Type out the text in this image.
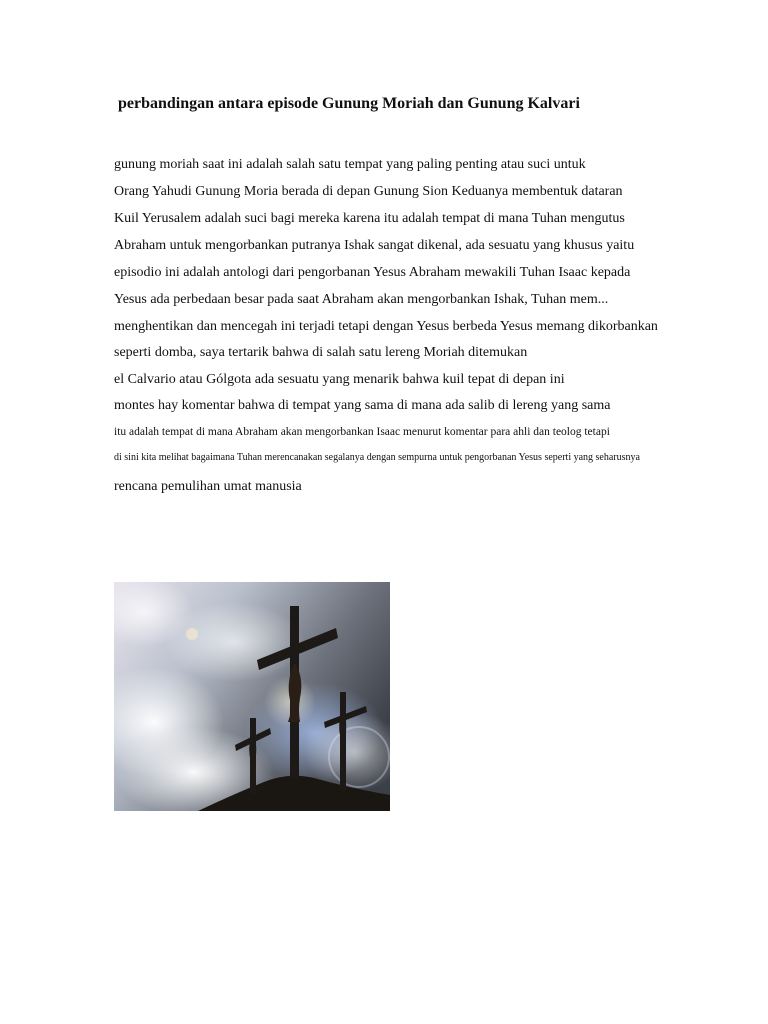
perbandingan antara episode Gunung Moriah dan Gunung Kalvari
gunung moriah saat ini adalah salah satu tempat yang paling penting atau suci untuk
Orang Yahudi Gunung Moria berada di depan Gunung Sion Keduanya membentuk dataran
Kuil Yerusalem adalah suci bagi mereka karena itu adalah tempat di mana Tuhan mengutus
Abraham untuk mengorbankan putranya Ishak sangat dikenal, ada sesuatu yang khusus yaitu
episodio ini adalah antologi dari pengorbanan Yesus Abraham mewakili Tuhan Isaac kepada
Yesus ada perbedaan besar pada saat Abraham akan mengorbankan Ishak, Tuhan mem...
menghentikan dan mencegah ini terjadi tetapi dengan Yesus berbeda Yesus memang dikorbankan
seperti domba, saya tertarik bahwa di salah satu lereng Moriah ditemukan
el Calvario atau Gólgota ada sesuatu yang menarik bahwa kuil tepat di depan ini
montes hay komentar bahwa di tempat yang sama di mana ada salib di lereng yang sama
itu adalah tempat di mana Abraham akan mengorbankan Isaac menurut komentar para ahli dan teolog tetapi
di sini kita melihat bagaimana Tuhan merencanakan segalanya dengan sempurna untuk pengorbanan Yesus seperti yang seharusnya
rencana pemulihan umat manusia
